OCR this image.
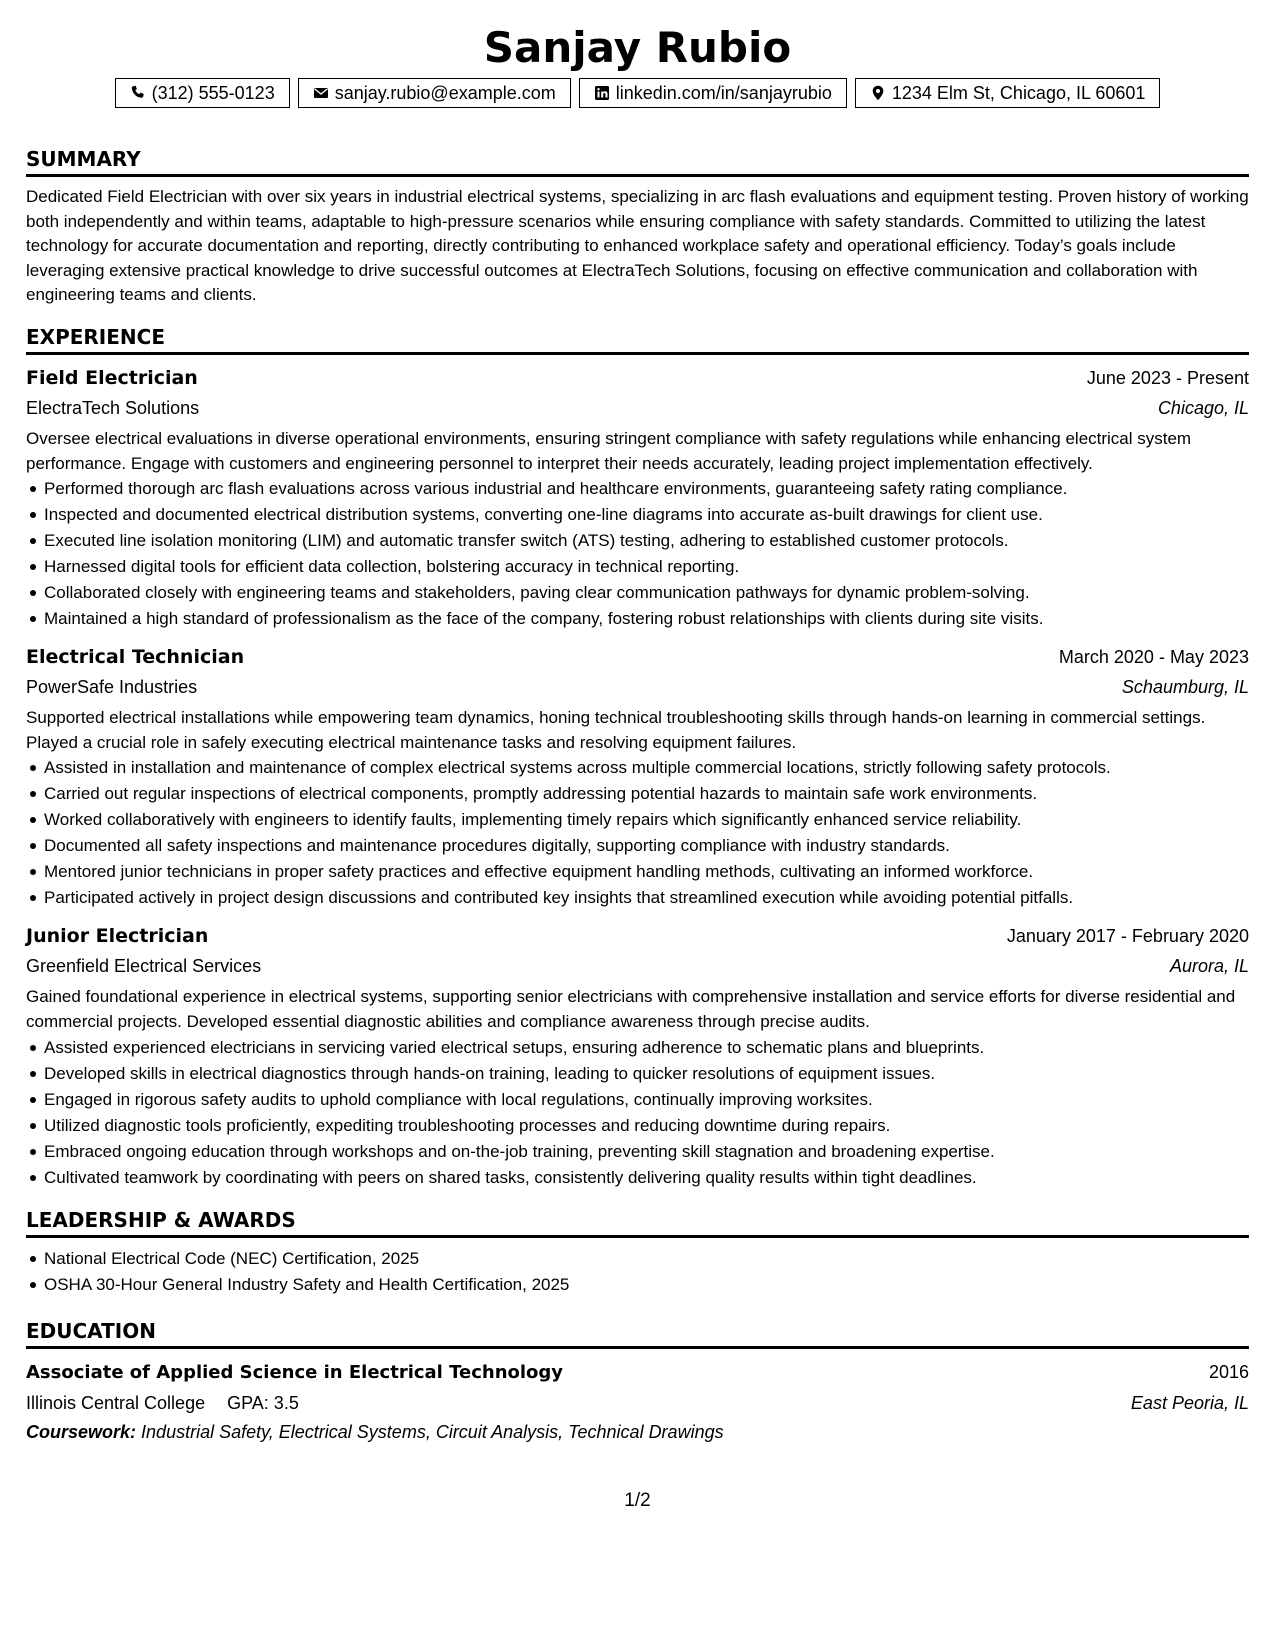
Sanjay Rubio
(312) 555-0123	sanjay.rubio@example.com	linkedin.com/in/sanjayrubio	1234 Elm St, Chicago, IL 60601
SUMMARY

Dedicated Field Electrician with over six years in industrial electrical systems, specializing in arc flash evaluations and equipment testing. Proven history of working both independently and within teams, adaptable to high-pressure scenarios while ensuring compliance with safety standards. Committed to utilizing the latest technology for accurate documentation and reporting, directly contributing to enhanced workplace safety and operational efficiency. Today’s goals include leveraging extensive practical knowledge to drive successful outcomes at ElectraTech Solutions, focusing on effective communication and collaboration with engineering teams and clients.

EXPERIENCE
Field Electrician	June 2023 - Present
ElectraTech Solutions	Chicago, IL

Oversee electrical evaluations in diverse operational environments, ensuring stringent compliance with safety regulations while enhancing electrical system performance. Engage with customers and engineering personnel to interpret their needs accurately, leading project implementation effectively.

Performed thorough arc flash evaluations across various industrial and healthcare environments, guaranteeing safety rating compliance.
Inspected and documented electrical distribution systems, converting one-line diagrams into accurate as-built drawings for client use.
Executed line isolation monitoring (LIM) and automatic transfer switch (ATS) testing, adhering to established customer protocols.
Harnessed digital tools for efficient data collection, bolstering accuracy in technical reporting.
Collaborated closely with engineering teams and stakeholders, paving clear communication pathways for dynamic problem-solving.
Maintained a high standard of professionalism as the face of the company, fostering robust relationships with clients during site visits.
Electrical Technician	March 2020 - May 2023
PowerSafe Industries	Schaumburg, IL

Supported electrical installations while empowering team dynamics, honing technical troubleshooting skills through hands-on learning in commercial settings. Played a crucial role in safely executing electrical maintenance tasks and resolving equipment failures.

Assisted in installation and maintenance of complex electrical systems across multiple commercial locations, strictly following safety protocols.
Carried out regular inspections of electrical components, promptly addressing potential hazards to maintain safe work environments.
Worked collaboratively with engineers to identify faults, implementing timely repairs which significantly enhanced service reliability.
Documented all safety inspections and maintenance procedures digitally, supporting compliance with industry standards.
Mentored junior technicians in proper safety practices and effective equipment handling methods, cultivating an informed workforce.
Participated actively in project design discussions and contributed key insights that streamlined execution while avoiding potential pitfalls.
Junior Electrician	January 2017 - February 2020
Greenfield Electrical Services	Aurora, IL

Gained foundational experience in electrical systems, supporting senior electricians with comprehensive installation and service efforts for diverse residential and commercial projects. Developed essential diagnostic abilities and compliance awareness through precise audits.

Assisted experienced electricians in servicing varied electrical setups, ensuring adherence to schematic plans and blueprints.
Developed skills in electrical diagnostics through hands-on training, leading to quicker resolutions of equipment issues.
Engaged in rigorous safety audits to uphold compliance with local regulations, continually improving worksites.
Utilized diagnostic tools proficiently, expediting troubleshooting processes and reducing downtime during repairs.
Embraced ongoing education through workshops and on-the-job training, preventing skill stagnation and broadening expertise.
Cultivated teamwork by coordinating with peers on shared tasks, consistently delivering quality results within tight deadlines.
LEADERSHIP & AWARDS
National Electrical Code (NEC) Certification, 2025
OSHA 30-Hour General Industry Safety and Health Certification, 2025
EDUCATION
Associate of Applied Science in Electrical Technology	2016
Illinois Central College GPA: 3.5	East Peoria, IL
Coursework: Industrial Safety, Electrical Systems, Circuit Analysis, Technical Drawings
1/2
